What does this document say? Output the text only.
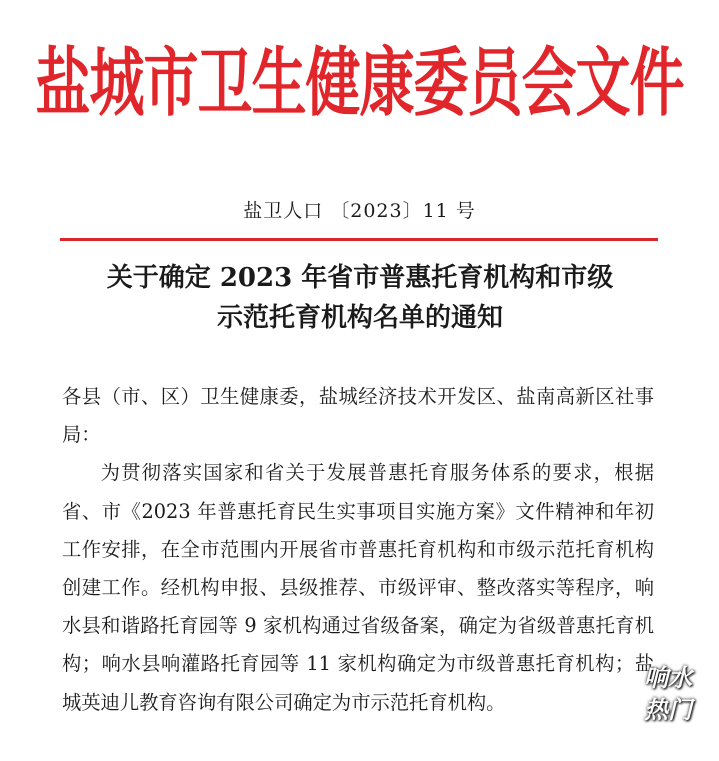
盐城市卫生健康委员会文件
盐卫人口 〔2023〕11 号
关于确定 2023 年省市普惠托育机构和市级
示范托育机构名单的通知

各县（市、区）卫生健康委，盐城经济技术开发区、盐南高新区社事局：

为贯彻落实国家和省关于发展普惠托育服务体系的要求，根据省、市《2023 年普惠托育民生实事项目实施方案》文件精神和年初工作安排，在全市范围内开展省市普惠托育机构和市级示范托育机构创建工作。经机构申报、县级推荐、市级评审、整改落实等程序，响水县和谐路托育园等 9 家机构通过省级备案，确定为省级普惠托育机构；响水县响灌路托育园等 11 家机构确定为市级普惠托育机构；盐城英迪儿教育咨询有限公司确定为市示范托育机构。

响水
热门
